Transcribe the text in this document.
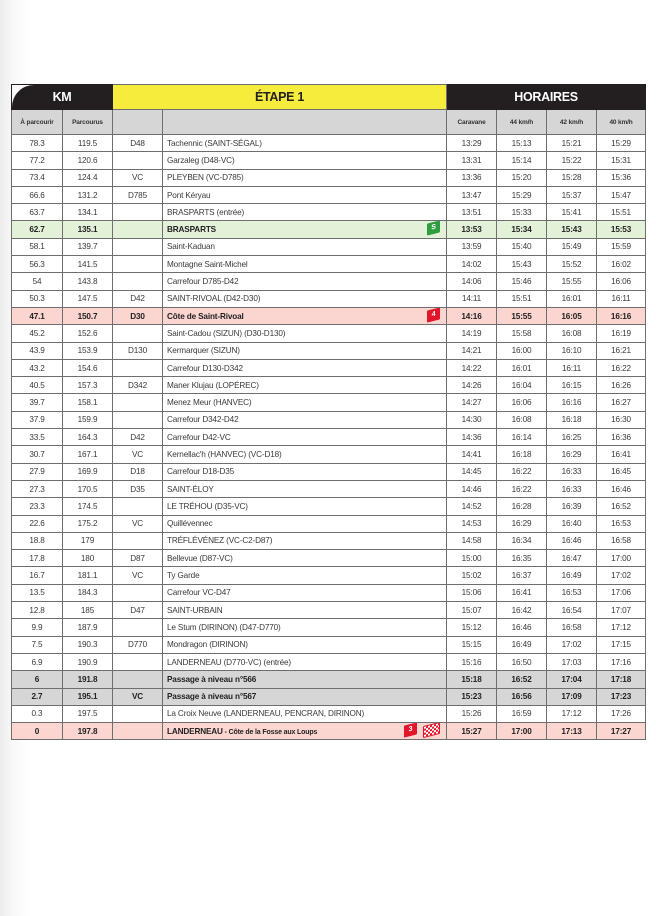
KM		ÉTAPE 1		HORAIRES			
À parcourir	Parcourus			Caravane	44 km/h	42 km/h	40 km/h
78.3	119.5	D48	Tachennic (SAINT-SÉGAL)	13:29	15:13	15:21	15:29
77.2	120.6		Garzaleg (D48-VC)	13:31	15:14	15:22	15:31
73.4	124.4	VC	PLEYBEN (VC-D785)	13:36	15:20	15:28	15:36
66.6	131.2	D785	Pont Kéryau	13:47	15:29	15:37	15:47
63.7	134.1		BRASPARTS (entrée)	13:51	15:33	15:41	15:51
62.7	135.1		BRASPARTS S	13:53	15:34	15:43	15:53
58.1	139.7		Saint-Kaduan	13:59	15:40	15:49	15:59
56.3	141.5		Montagne Saint-Michel	14:02	15:43	15:52	16:02
54	143.8		Carrefour D785-D42	14:06	15:46	15:55	16:06
50.3	147.5	D42	SAINT-RIVOAL (D42-D30)	14:11	15:51	16:01	16:11
47.1	150.7	D30	Côte de Saint-Rivoal 4	14:16	15:55	16:05	16:16
45.2	152.6		Saint-Cadou (SIZUN) (D30-D130)	14:19	15:58	16:08	16:19
43.9	153.9	D130	Kermarquer (SIZUN)	14:21	16:00	16:10	16:21
43.2	154.6		Carrefour D130-D342	14:22	16:01	16:11	16:22
40.5	157.3	D342	Maner Klujau (LOPÉREC)	14:26	16:04	16:15	16:26
39.7	158.1		Menez Meur (HANVEC)	14:27	16:06	16:16	16:27
37.9	159.9		Carrefour D342-D42	14:30	16:08	16:18	16:30
33.5	164.3	D42	Carrefour D42-VC	14:36	16:14	16:25	16:36
30.7	167.1	VC	Kernellac'h (HANVEC) (VC-D18)	14:41	16:18	16:29	16:41
27.9	169.9	D18	Carrefour D18-D35	14:45	16:22	16:33	16:45
27.3	170.5	D35	SAINT-ÉLOY	14:46	16:22	16:33	16:46
23.3	174.5		LE TRÉHOU (D35-VC)	14:52	16:28	16:39	16:52
22.6	175.2	VC	Quillévennec	14:53	16:29	16:40	16:53
18.8	179		TRÉFLÉVÉNEZ (VC-C2-D87)	14:58	16:34	16:46	16:58
17.8	180	D87	Bellevue (D87-VC)	15:00	16:35	16:47	17:00
16.7	181.1	VC	Ty Garde	15:02	16:37	16:49	17:02
13.5	184.3		Carrefour VC-D47	15:06	16:41	16:53	17:06
12.8	185	D47	SAINT-URBAIN	15:07	16:42	16:54	17:07
9.9	187.9		Le Stum (DIRINON) (D47-D770)	15:12	16:46	16:58	17:12
7.5	190.3	D770	Mondragon (DIRINON)	15:15	16:49	17:02	17:15
6.9	190.9		LANDERNEAU (D770-VC) (entrée)	15:16	16:50	17:03	17:16
6	191.8		Passage à niveau n°566	15:18	16:52	17:04	17:18
2.7	195.1	VC	Passage à niveau n°567	15:23	16:56	17:09	17:23
0.3	197.5		La Croix Neuve (LANDERNEAU, PENCRAN, DIRINON)	15:26	16:59	17:12	17:26
0	197.8		LANDERNEAU - Côte de la Fosse aux Loups 3	15:27	17:00	17:13	17:27
